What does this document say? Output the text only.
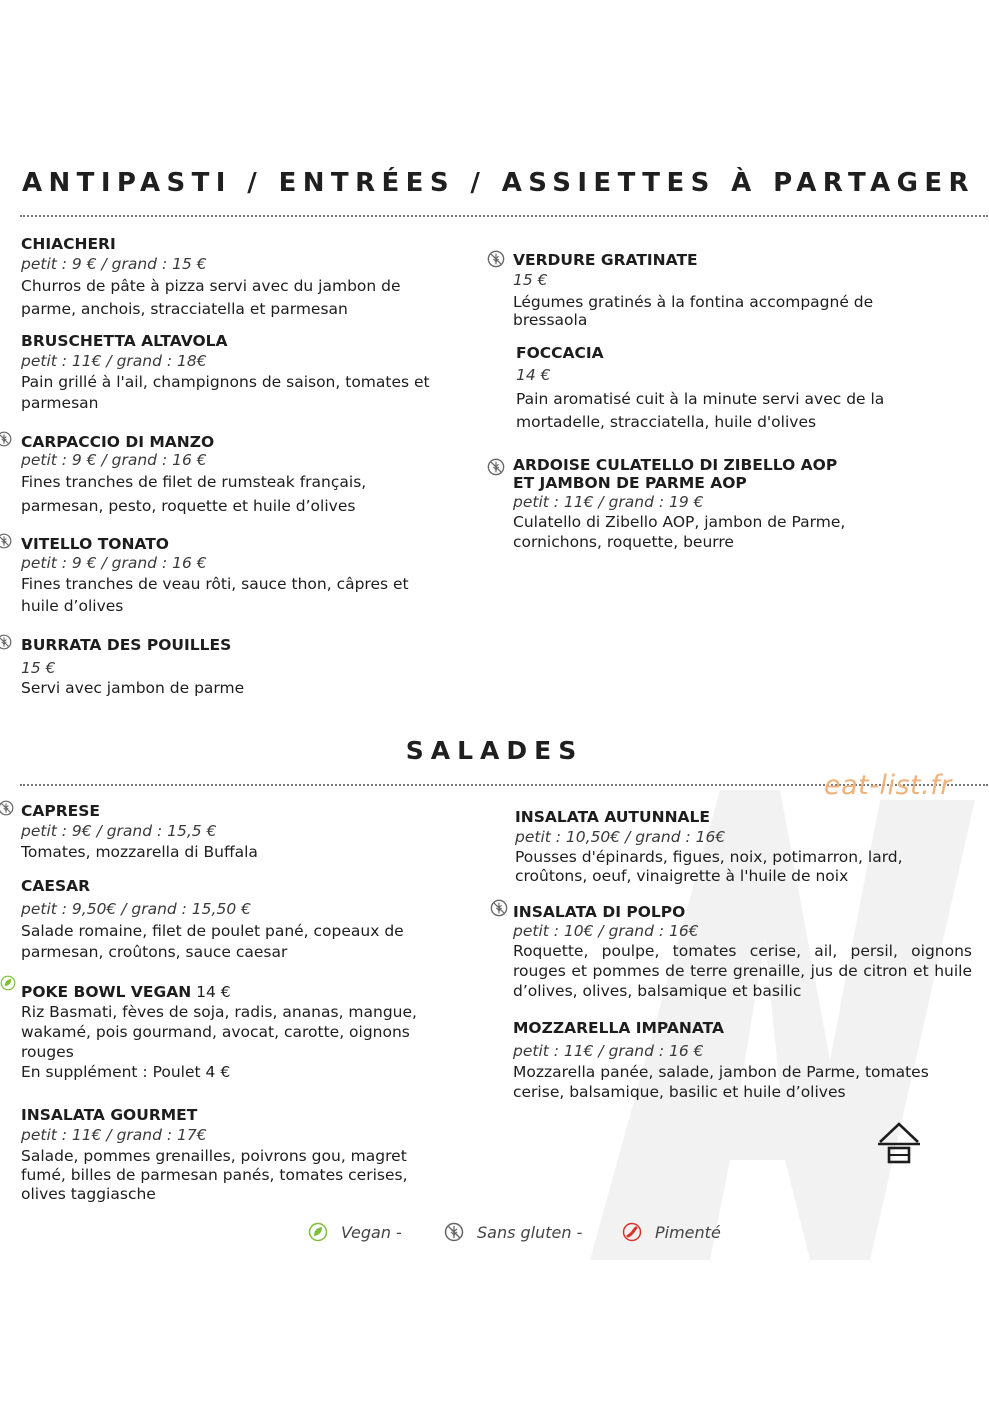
ANTIPASTI / ENTRÉES / ASSIETTES À PARTAGER
CHIACHERI
petit : 9 € / grand : 15 €
Churros de pâte à pizza servi avec du jambon de parme, anchois, stracciatella et parmesan
BRUSCHETTA ALTAVOLA
petit : 11€ / grand : 18€
Pain grillé à l'ail, champignons de saison, tomates et parmesan
CARPACCIO DI MANZO
petit : 9 € / grand : 16 €
Fines tranches de filet de rumsteak français, parmesan, pesto, roquette et huile d’olives
VITELLO TONATO
petit : 9 € / grand : 16 €
Fines tranches de veau rôti, sauce thon, câpres et huile d’olives
BURRATA DES POUILLES
15 €
Servi avec jambon de parme
VERDURE GRATINATE
15 €
Légumes gratinés à la fontina accompagné de bressaola
FOCCACIA
14 €
Pain aromatisé cuit à la minute servi avec de la mortadelle, stracciatella, huile d'olives
ARDOISE CULATELLO DI ZIBELLO AOP
ET JAMBON DE PARME AOP
petit : 11€ / grand : 19 €
Culatello di Zibello AOP, jambon de Parme, cornichons, roquette, beurre
SALADES
eat-list.fr
CAPRESE
petit : 9€ / grand : 15,5 €
Tomates, mozzarella di Buffala
CAESAR
petit : 9,50€ / grand : 15,50 €
Salade romaine, filet de poulet pané, copeaux de parmesan, croûtons, sauce caesar
POKE BOWL VEGAN 14 €
Riz Basmati, fèves de soja, radis, ananas, mangue, wakamé, pois gourmand, avocat, carotte, oignons rouges
En supplément : Poulet 4 €
INSALATA GOURMET
petit : 11€ / grand : 17€
Salade, pommes grenailles, poivrons gou, magret fumé, billes de parmesan panés, tomates cerises, olives taggiasche
INSALATA AUTUNNALE
petit : 10,50€ / grand : 16€
Pousses d'épinards, figues, noix, potimarron, lard, croûtons, oeuf, vinaigrette à l'huile de noix
INSALATA DI POLPO
petit : 10€ / grand : 16€
Roquette, poulpe, tomates cerise, ail, persil, oignons rouges et pommes de terre grenaille, jus de citron et huile d’olives, olives, balsamique et basilic
MOZZARELLA IMPANATA
petit : 11€ / grand : 16 €
Mozzarella panée, salade, jambon de Parme, tomates cerise, balsamique, basilic et huile d’olives
Vegan -	Sans gluten -	Pimenté
